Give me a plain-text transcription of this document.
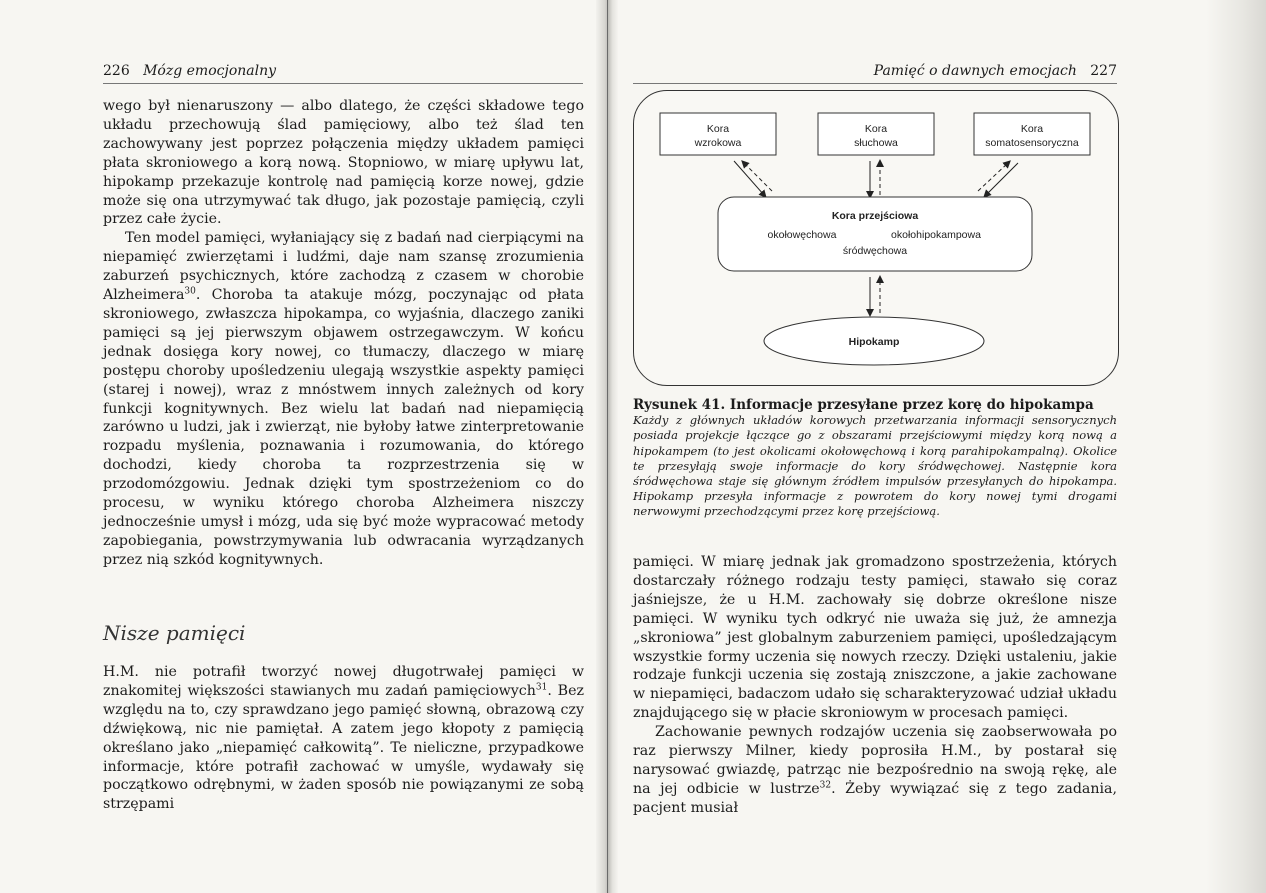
226 Mózg emocjonalny

wego był nienaruszony — albo dlatego, że części składowe tego układu przechowują ślad pamięciowy, albo też ślad ten zachowywany jest poprzez połączenia między układem pamięci płata skroniowego a korą nową. Stopniowo, w miarę upływu lat, hipokamp przekazuje kontrolę nad pamięcią korze nowej, gdzie może się ona utrzymywać tak długo, jak pozostaje pamięcią, czyli przez całe życie.

Ten model pamięci, wyłaniający się z badań nad cierpiącymi na niepamięć zwierzętami i ludźmi, daje nam szansę zrozumienia zaburzeń psychicznych, które zachodzą z czasem w chorobie Alzheimera$^{30}$. Choroba ta atakuje mózg, poczynając od płata skroniowego, zwłaszcza hipokampa, co wyjaśnia, dlaczego zaniki pamięci są jej pierwszym objawem ostrzegawczym. W końcu jednak dosięga kory nowej, co tłumaczy, dlaczego w miarę postępu choroby upośledzeniu ulegają wszystkie aspekty pamięci (starej i nowej), wraz z mnóstwem innych zależnych od kory funkcji kognitywnych. Bez wielu lat badań nad niepamięcią zarówno u ludzi, jak i zwierząt, nie byłoby łatwe zinterpretowanie rozpadu myślenia, poznawania i rozumowania, do którego dochodzi, kiedy choroba ta rozprzestrzenia się w przodomózgowiu. Jednak dzięki tym spostrzeżeniom co do procesu, w wyniku którego choroba Alzheimera niszczy jednocześnie umysł i mózg, uda się być może wypracować metody zapobiegania, powstrzymywania lub odwracania wyrządzanych przez nią szkód kognitywnych.

Nisze pamięci

H.M. nie potrafił tworzyć nowej długotrwałej pamięci w znakomitej większości stawianych mu zadań pamięciowych$^{31}$. Bez względu na to, czy sprawdzano jego pamięć słowną, obrazową czy dźwiękową, nic nie pamiętał. A zatem jego kłopoty z pamięcią określano jako „niepamięć całkowitą”. Te nieliczne, przypadkowe informacje, które potrafił zachować w umyśle, wydawały się początkowo odrębnymi, w żaden sposób nie powiązanymi ze sobą strzępami

Pamięć o dawnych emocjach 227
Kora
wzrokowa
Kora
słuchowa
Kora
somatosensoryczna
Kora przejściowa
okołowęchowa	okołohipokampowa
śródwęchowa
Hipokamp
Rysunek 41. Informacje przesyłane przez korę do hipokampa
Każdy z głównych układów korowych przetwarzania informacji sensorycznych posiada projekcje łączące go z obszarami przejściowymi między korą nową a hipokampem (to jest okolicami okołowęchową i korą parahipokampalną). Okolice te przesyłają swoje informacje do kory śródwęchowej. Następnie kora śródwęchowa staje się głównym źródłem impulsów przesyłanych do hipokampa. Hipokamp przesyła informacje z powrotem do kory nowej tymi drogami nerwowymi przechodzącymi przez korę przejściową.

pamięci. W miarę jednak jak gromadzono spostrzeżenia, których dostarczały różnego rodzaju testy pamięci, stawało się coraz jaśniejsze, że u H.M. zachowały się dobrze określone nisze pamięci. W wyniku tych odkryć nie uważa się już, że amnezja „skroniowa” jest globalnym zaburzeniem pamięci, upośledzającym wszystkie formy uczenia się nowych rzeczy. Dzięki ustaleniu, jakie rodzaje funkcji uczenia się zostają zniszczone, a jakie zachowane w niepamięci, badaczom udało się scharakteryzować udział układu znajdującego się w płacie skroniowym w procesach pamięci.

Zachowanie pewnych rodzajów uczenia się zaobserwowała po raz pierwszy Milner, kiedy poprosiła H.M., by postarał się narysować gwiazdę, patrząc nie bezpośrednio na swoją rękę, ale na jej odbicie w lustrze$^{32}$. Żeby wywiązać się z tego zadania, pacjent musiał
